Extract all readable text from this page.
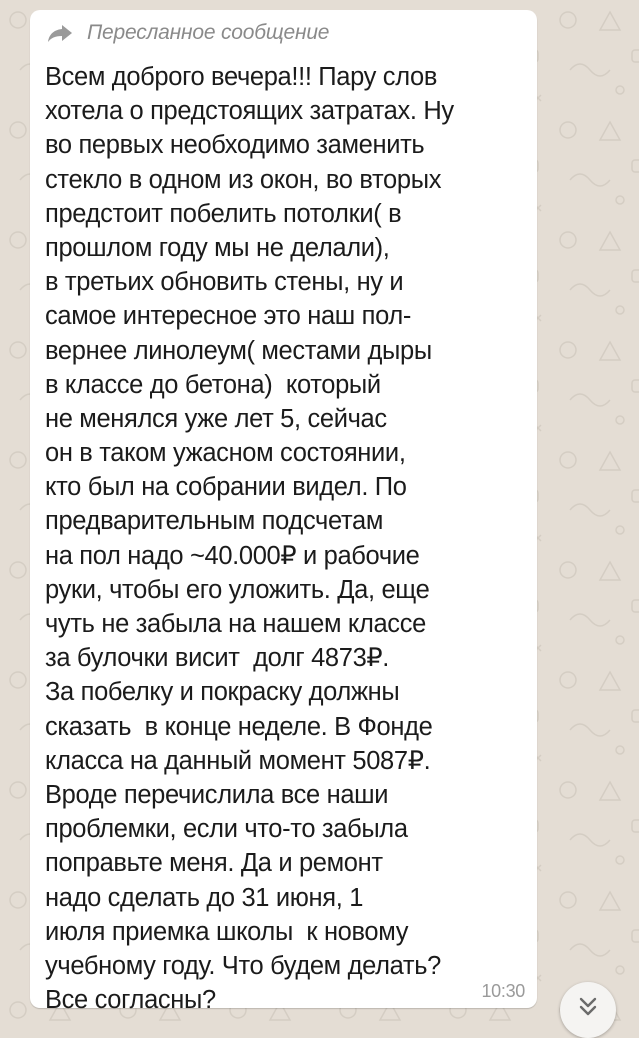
Пересланное сообщение
Всем доброго вечера!!! Пару слов
хотела о предстоящих затратах. Ну
во первых необходимо заменить
стекло в одном из окон, во вторых
предстоит побелить потолки( в
прошлом году мы не делали),
в третьих обновить стены, ну и
самое интересное это наш пол-
вернее линолеум( местами дыры
в классе до бетона)  который
не менялся уже лет 5, сейчас
он в таком ужасном состоянии,
кто был на собрании видел. По
предварительным подсчетам
на пол надо ~40.000₽ и рабочие
руки, чтобы его уложить. Да, еще
чуть не забыла на нашем классе
за булочки висит  долг 4873₽.
За побелку и покраску должны
сказать  в конце неделе. В Фонде
класса на данный момент 5087₽.
Вроде перечислила все наши
проблемки, если что-то забыла
поправьте меня. Да и ремонт
надо сделать до 31 июня, 1
июля приемка школы  к новому
учебному году. Что будем делать?
Все согласны?	10:30
